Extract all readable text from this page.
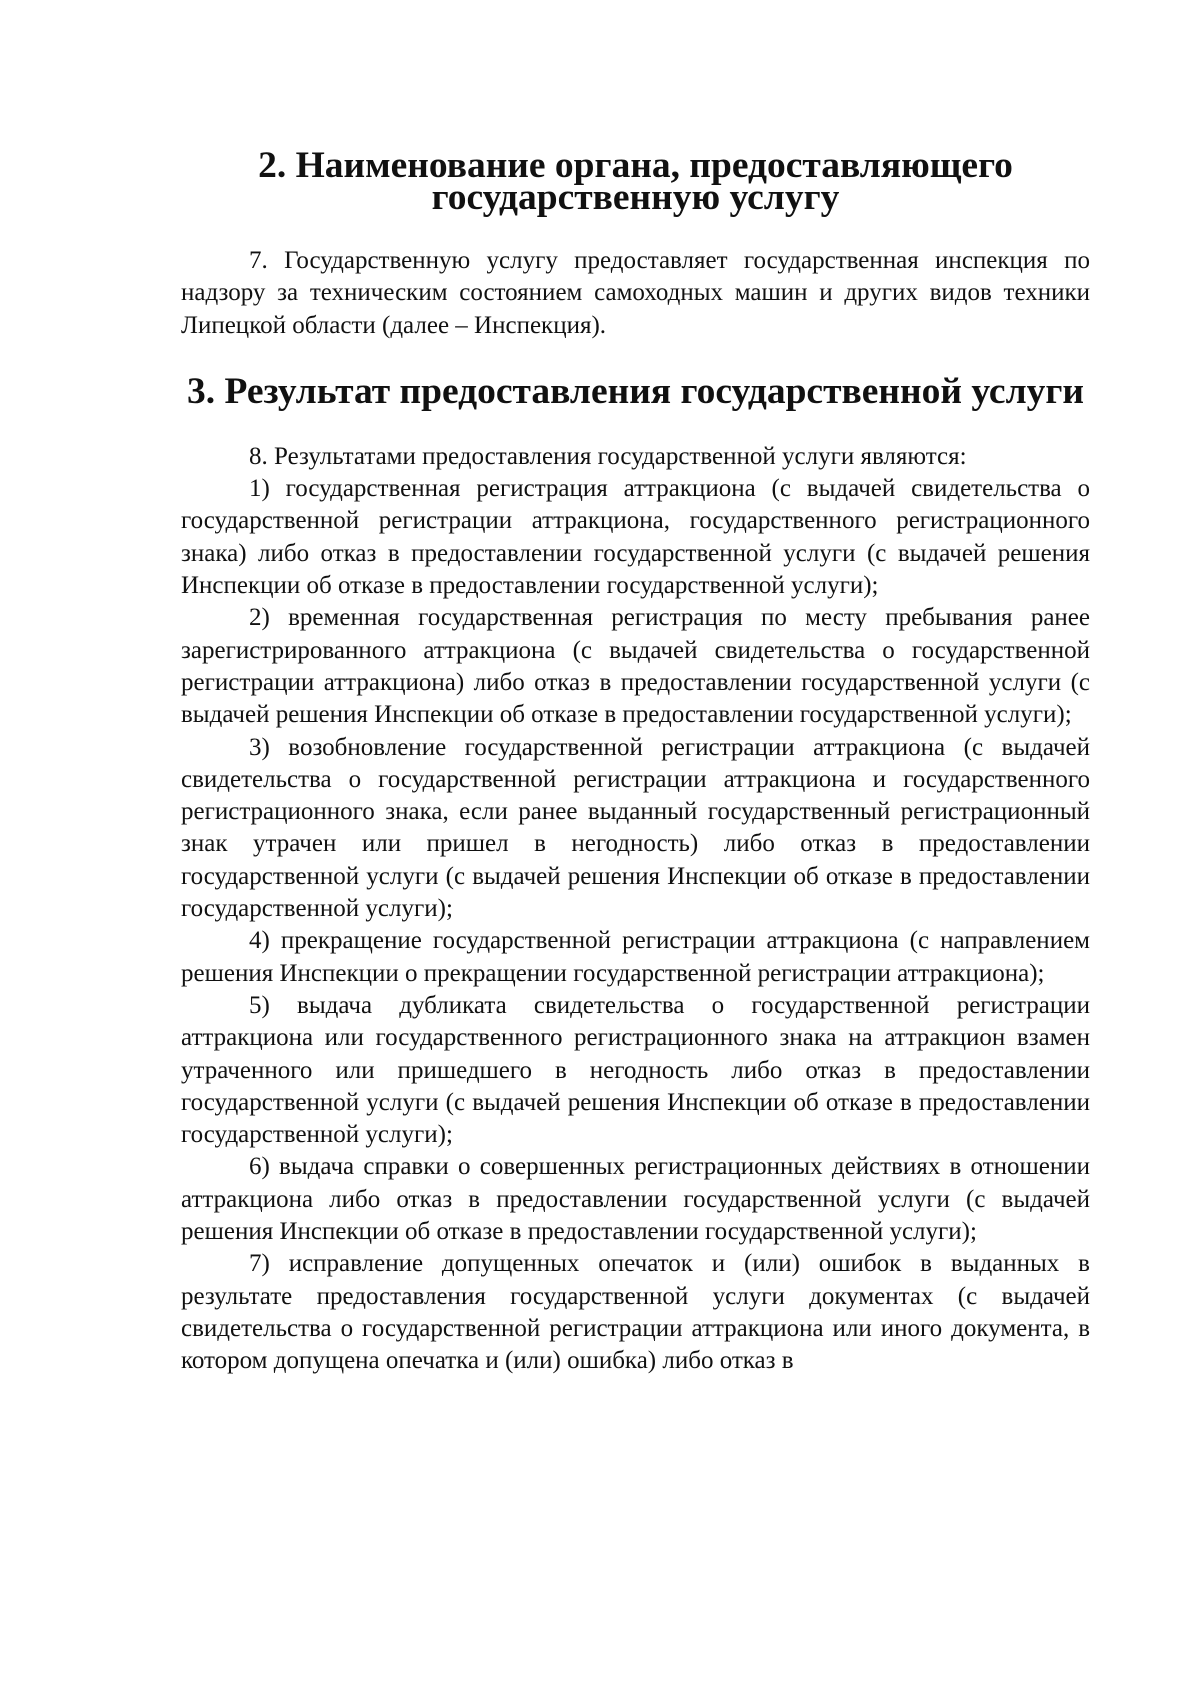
2. Наименование органа, предоставляющего государственную услугу

7. Государственную услугу предоставляет государственная инспекция по надзору за техническим состоянием самоходных машин и других видов техники Липецкой области (далее – Инспекция).

3. Результат предоставления государственной услуги

8. Результатами предоставления государственной услуги являются:

1) государственная регистрация аттракциона (с выдачей свидетельства о государственной регистрации аттракциона, государственного регистрационного знака) либо отказ в предоставлении государственной услуги (с выдачей решения Инспекции об отказе в предоставлении государственной услуги);

2) временная государственная регистрация по месту пребывания ранее зарегистрированного аттракциона (с выдачей свидетельства о государственной регистрации аттракциона) либо отказ в предоставлении государственной услуги (с выдачей решения Инспекции об отказе в предоставлении государственной услуги);

3) возобновление государственной регистрации аттракциона (с выдачей свидетельства о государственной регистрации аттракциона и государственного регистрационного знака, если ранее выданный государственный регистрационный знак утрачен или пришел в негодность) либо отказ в предоставлении государственной услуги (с выдачей решения Инспекции об отказе в предоставлении государственной услуги);

4) прекращение государственной регистрации аттракциона (с направлением решения Инспекции о прекращении государственной регистрации аттракциона);

5) выдача дубликата свидетельства о государственной регистрации аттракциона или государственного регистрационного знака на аттракцион взамен утраченного или пришедшего в негодность либо отказ в предоставлении государственной услуги (с выдачей решения Инспекции об отказе в предоставлении государственной услуги);

6) выдача справки о совершенных регистрационных действиях в отношении аттракциона либо отказ в предоставлении государственной услуги (с выдачей решения Инспекции об отказе в предоставлении государственной услуги);

7) исправление допущенных опечаток и (или) ошибок в выданных в результате предоставления государственной услуги документах (с выдачей свидетельства о государственной регистрации аттракциона или иного документа, в котором допущена опечатка и (или) ошибка) либо отказ в
